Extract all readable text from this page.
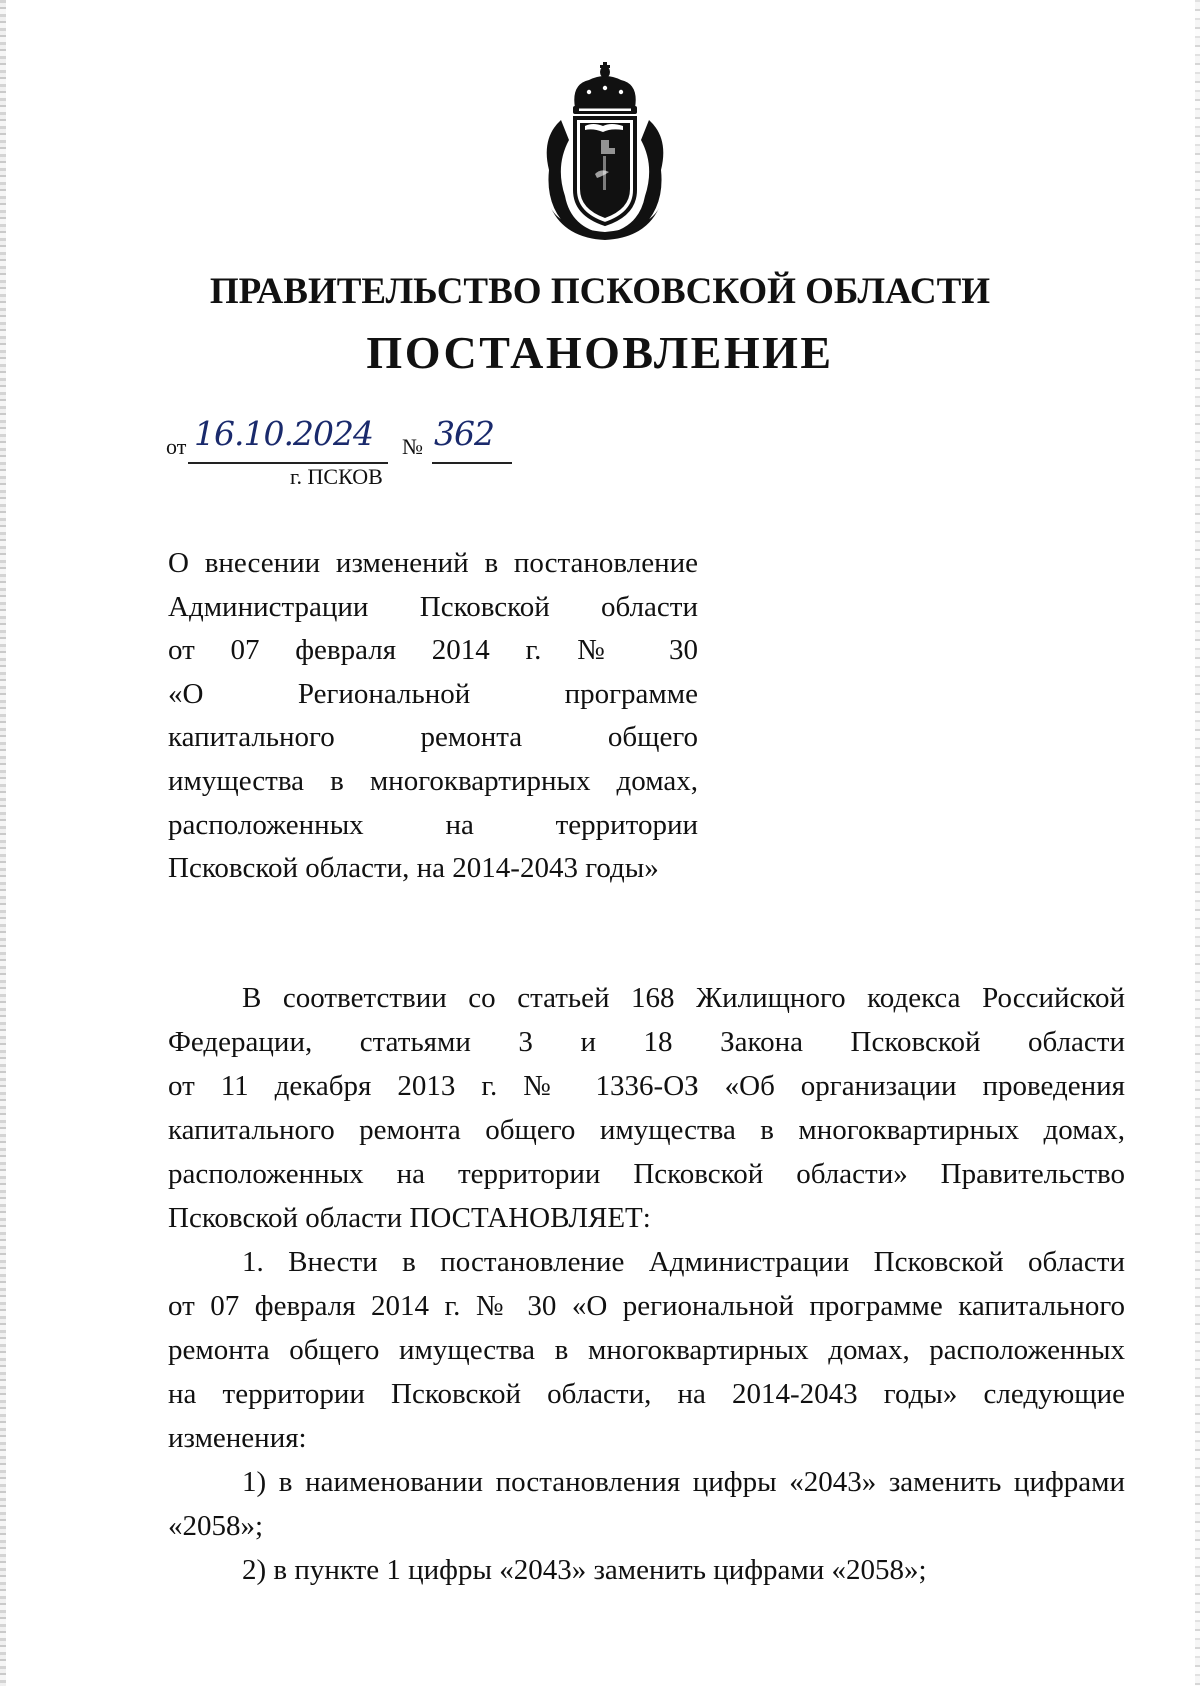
ПРАВИТЕЛЬСТВО ПСКОВСКОЙ ОБЛАСТИ
ПОСТАНОВЛЕНИЕ
от 16.10.2024 № 362
г. ПСКОВ
О внесении изменений в постановление
Администрации Псковской области
от 07 февраля 2014 г. № 30
«О Региональной программе
капитального ремонта общего
имущества в многоквартирных домах,
расположенных на территории
Псковской области, на 2014-2043 годы»
В соответствии со статьей 168 Жилищного кодекса Российской
Федерации, статьями 3 и 18 Закона Псковской области
от 11 декабря 2013 г. № 1336-ОЗ «Об организации проведения
капитального ремонта общего имущества в многоквартирных домах,
расположенных на территории Псковской области» Правительство
Псковской области ПОСТАНОВЛЯЕТ:
1. Внести в постановление Администрации Псковской области
от 07 февраля 2014 г. № 30 «О региональной программе капитального
ремонта общего имущества в многоквартирных домах, расположенных
на территории Псковской области, на 2014-2043 годы» следующие
изменения:
1) в наименовании постановления цифры «2043» заменить цифрами
«2058»;
2) в пункте 1 цифры «2043» заменить цифрами «2058»;
